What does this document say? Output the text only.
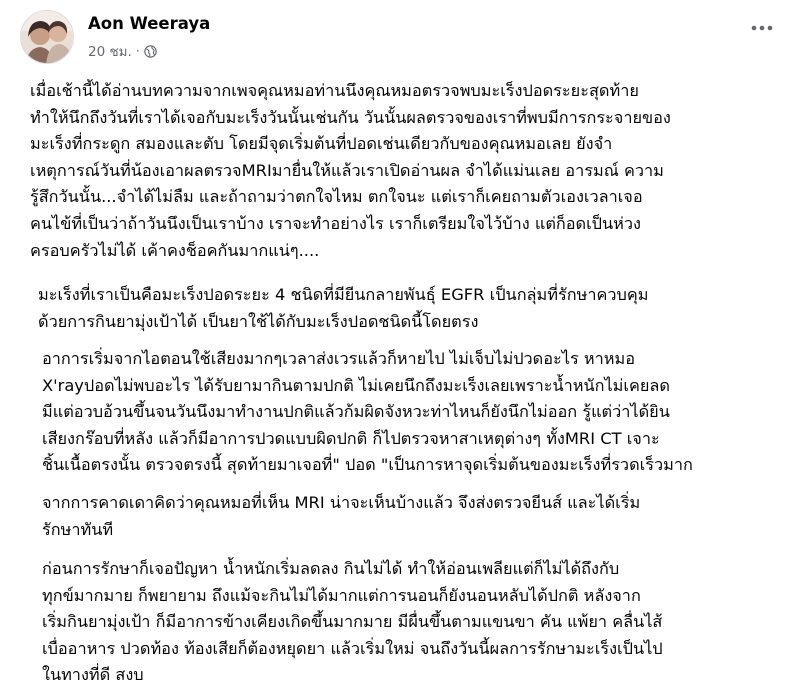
Aon Weeraya
20 ชม. ·

เมื่อเช้านี้ได้อ่านบทความจากเพจคุณหมอท่านนึงคุณหมอตรวจพบมะเร็งปอดระยะสุดท้าย
ทำให้นึกถึงวันที่เราได้เจอกับมะเร็งวันนั้นเช่นกัน วันนั้นผลตรวจของเราที่พบมีการกระจายของ
มะเร็งที่กระดูก สมองและตับ โดยมีจุดเริ่มต้นที่ปอดเช่นเดียวกับของคุณหมอเลย ยังจำ
เหตุการณ์วันที่น้องเอาผลตรวจMRIมายื่นให้แล้วเราเปิดอ่านผล จำได้แม่นเลย อารมณ์ ความ
รู้สึกวันนั้น...จำได้ไม่ลืม และถ้าถามว่าตกใจไหม ตกใจนะ แต่เราก็เคยถามตัวเองเวลาเจอ
คนไข้ที่เป็นว่าถ้าวันนึงเป็นเราบ้าง เราจะทำอย่างไร เราก็เตรียมใจไว้บ้าง แต่ก็อดเป็นห่วง
ครอบครัวไม่ได้ เค้าคงช็อคกันมากแน่ๆ....

มะเร็งที่เราเป็นคือมะเร็งปอดระยะ 4 ชนิดที่มียีนกลายพันธุ์ EGFR เป็นกลุ่มที่รักษาควบคุม
ด้วยการกินยามุ่งเป้าได้ เป็นยาใช้ได้กับมะเร็งปอดชนิดนี้โดยตรง

อาการเริ่มจากไอตอนใช้เสียงมากๆเวลาส่งเวรแล้วก็หายไป ไม่เจ็บไม่ปวดอะไร หาหมอ
X'rayปอดไม่พบอะไร ได้รับยามากินตามปกติ ไม่เคยนึกถึงมะเร็งเลยเพราะน้ำหนักไม่เคยลด
มีแต่อวบอ้วนขึ้นจนวันนึงมาทำงานปกติแล้วก้มผิดจังหวะท่าไหนก็ยังนึกไม่ออก รู้แต่ว่าได้ยิน
เสียงกร๊อบที่หลัง แล้วก็มีอาการปวดแบบผิดปกติ ก็ไปตรวจหาสาเหตุต่างๆ ทั้งMRI CT เจาะ
ชิ้นเนื้อตรงนั้น ตรวจตรงนี้ สุดท้ายมาเจอที่" ปอด "เป็นการหาจุดเริ่มต้นของมะเร็งที่รวดเร็วมาก

จากการคาดเดาคิดว่าคุณหมอที่เห็น MRI น่าจะเห็นบ้างแล้ว จึงส่งตรวจยีนส์ และได้เริ่ม
รักษาทันที

ก่อนการรักษาก็เจอปัญหา น้ำหนักเริ่มลดลง กินไม่ได้ ทำให้อ่อนเพลียแต่ก็ไม่ได้ถึงกับ
ทุกข์มากมาย ก็พยายาม ถึงแม้จะกินไม่ได้มากแต่การนอนก็ยังนอนหลับได้ปกติ หลังจาก
เริ่มกินยามุ่งเป้า ก็มีอาการข้างเคียงเกิดขึ้นมากมาย มีผื่นขึ้นตามแขนขา คัน แพ้ยา คลื่นไส้
เบื่ออาหาร ปวดท้อง ท้องเสียก็ต้องหยุดยา แล้วเริ่มใหม่ จนถึงวันนี้ผลการรักษามะเร็งเป็นไป
ในทางที่ดี สงบ
